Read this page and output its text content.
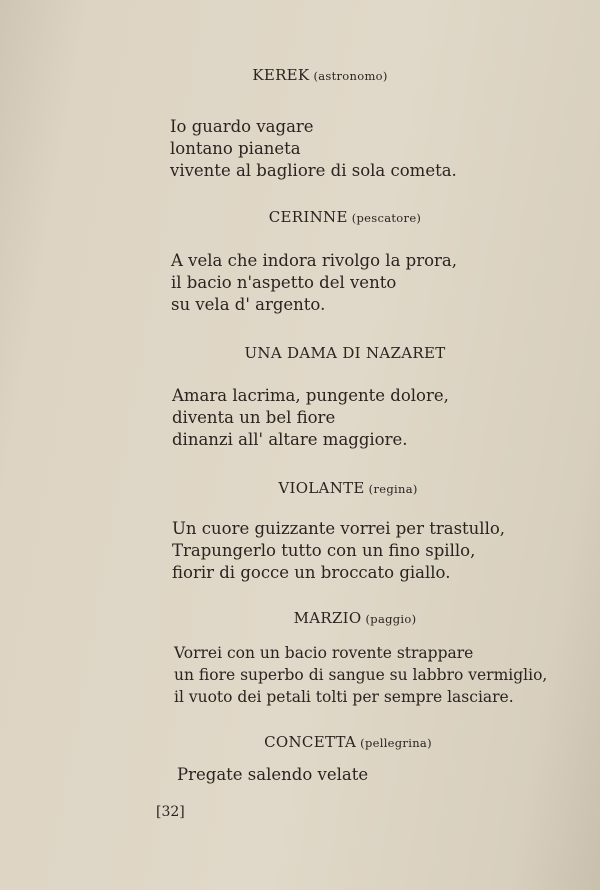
KEREK (astronomo)

Io guardo vagare

lontano pianeta

vivente al bagliore di sola cometa.

CERINNE (pescatore)

A vela che indora rivolgo la prora,

il bacio n'aspetto del vento

su vela d' argento.

UNA DAMA DI NAZARET

Amara lacrima, pungente dolore,

diventa un bel fiore

dinanzi all' altare maggiore.

VIOLANTE (regina)

Un cuore guizzante vorrei per trastullo,

Trapungerlo tutto con un fino spillo,

fiorir di gocce un broccato giallo.

MARZIO (paggio)

Vorrei con un bacio rovente strappare

un fiore superbo di sangue su labbro vermiglio,

il vuoto dei petali tolti per sempre lasciare.

CONCETTA (pellegrina)

Pregate salendo velate

[32]
